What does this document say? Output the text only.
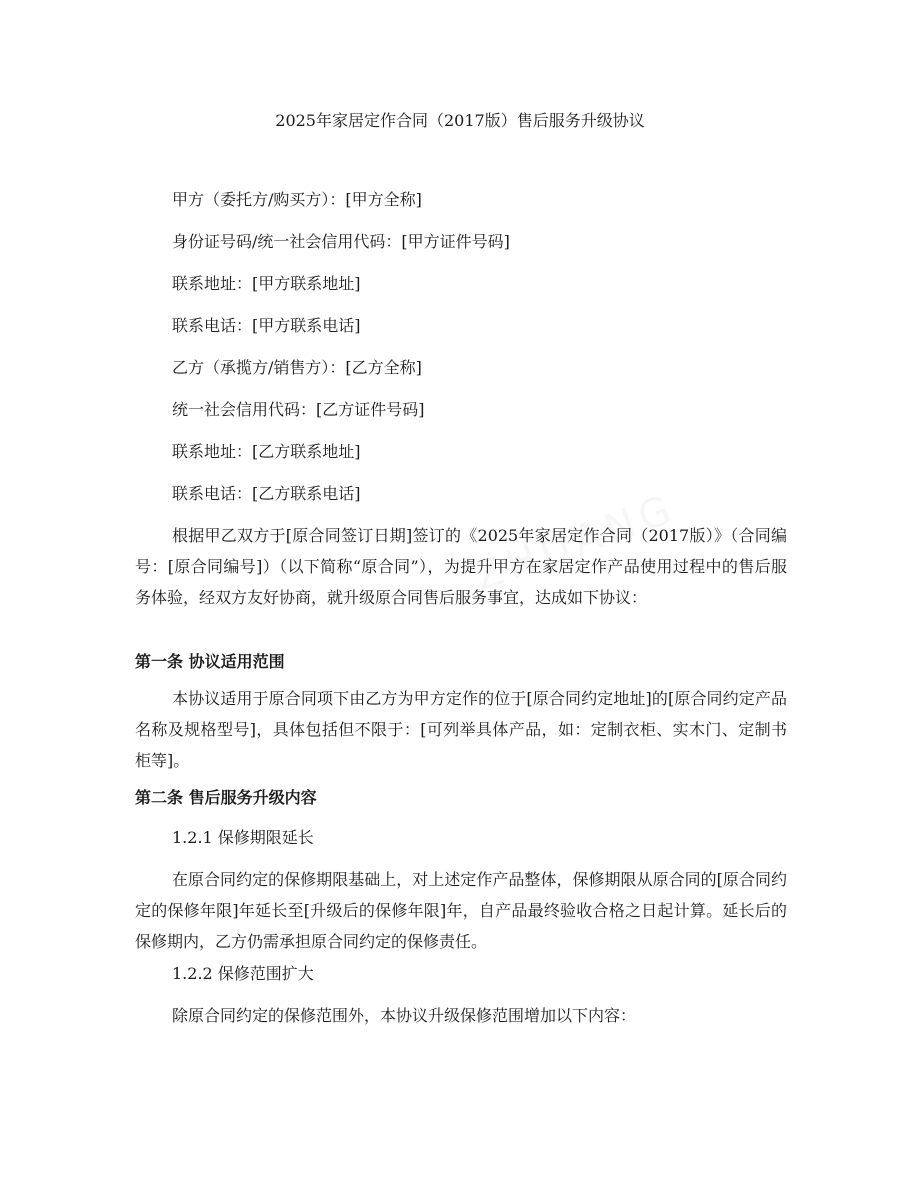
2025年家居定作合同（2017版）售后服务升级协议
甲方（委托方/购买方）：[甲方全称]
身份证号码/统一社会信用代码：[甲方证件号码]
联系地址：[甲方联系地址]
联系电话：[甲方联系电话]
乙方（承揽方/销售方）：[乙方全称]
统一社会信用代码：[乙方证件号码]
联系地址：[乙方联系地址]
联系电话：[乙方联系电话]
根据甲乙双方于[原合同签订日期]签订的《2025年家居定作合同（2017版）》（合同编号：[原合同编号]）（以下简称“原合同”），为提升甲方在家居定作产品使用过程中的售后服务体验，经双方友好协商，就升级原合同售后服务事宜，达成如下协议：
第一条 协议适用范围
本协议适用于原合同项下由乙方为甲方定作的位于[原合同约定地址]的[原合同约定产品名称及规格型号]，具体包括但不限于：[可列举具体产品，如：定制衣柜、实木门、定制书柜等]。
第二条 售后服务升级内容
1.2.1 保修期限延长
在原合同约定的保修期限基础上，对上述定作产品整体，保修期限从原合同的[原合同约定的保修年限]年延长至[升级后的保修年限]年，自产品最终验收合格之日起计算。延长后的保修期内，乙方仍需承担原合同约定的保修责任。
1.2.2 保修范围扩大
除原合同约定的保修范围外，本协议升级保修范围增加以下内容：
